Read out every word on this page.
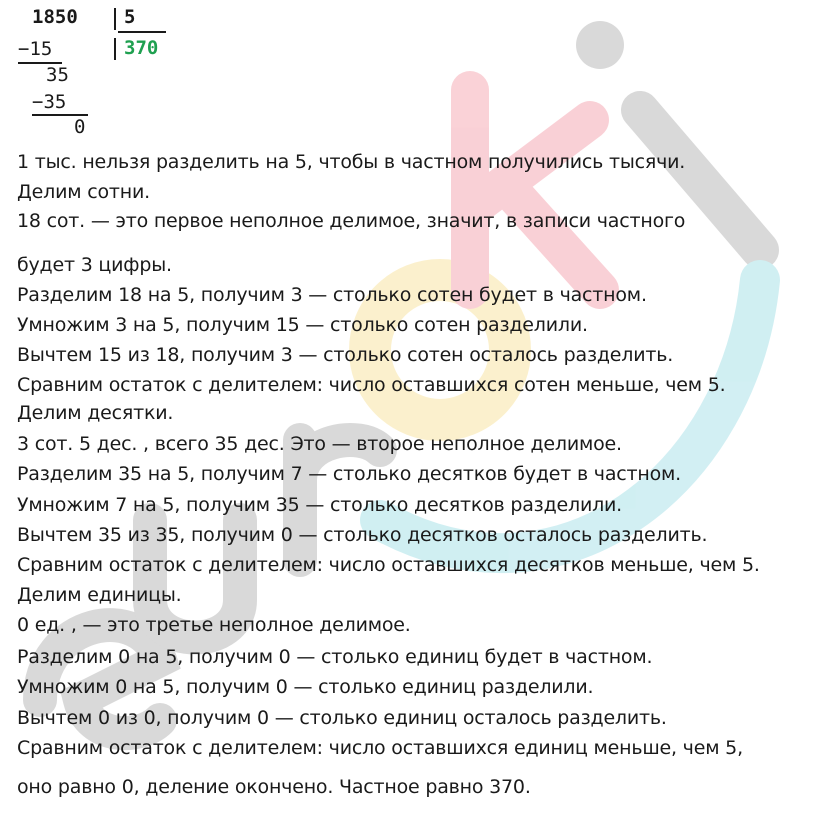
1850 5
370
−15
35
−35
0
1 тыс. нельзя разделить на 5, чтобы в частном получились тысячи.
Делим сотни.
18 сот. — это первое неполное делимое, значит, в записи частного
будет 3 цифры.
Разделим 18 на 5, получим 3 — столько сотен будет в частном.
Умножим 3 на 5, получим 15 — столько сотен разделили.
Вычтем 15 из 18, получим 3 — столько сотен осталось разделить.
Сравним остаток с делителем: число оставшихся сотен меньше, чем 5.
Делим десятки.
3 сот. 5 дес. , всего 35 дес. Это — второе неполное делимое.
Разделим 35 на 5, получим 7 — столько десятков будет в частном.
Умножим 7 на 5, получим 35 — столько десятков разделили.
Вычтем 35 из 35, получим 0 — столько десятков осталось разделить.
Сравним остаток с делителем: число оставшихся десятков меньше, чем 5.
Делим единицы.
0 ед. , — это третье неполное делимое.
Разделим 0 на 5, получим 0 — столько единиц будет в частном.
Умножим 0 на 5, получим 0 — столько единиц разделили.
Вычтем 0 из 0, получим 0 — столько единиц осталось разделить.
Сравним остаток с делителем: число оставшихся единиц меньше, чем 5,
оно равно 0, деление окончено. Частное равно 370.
